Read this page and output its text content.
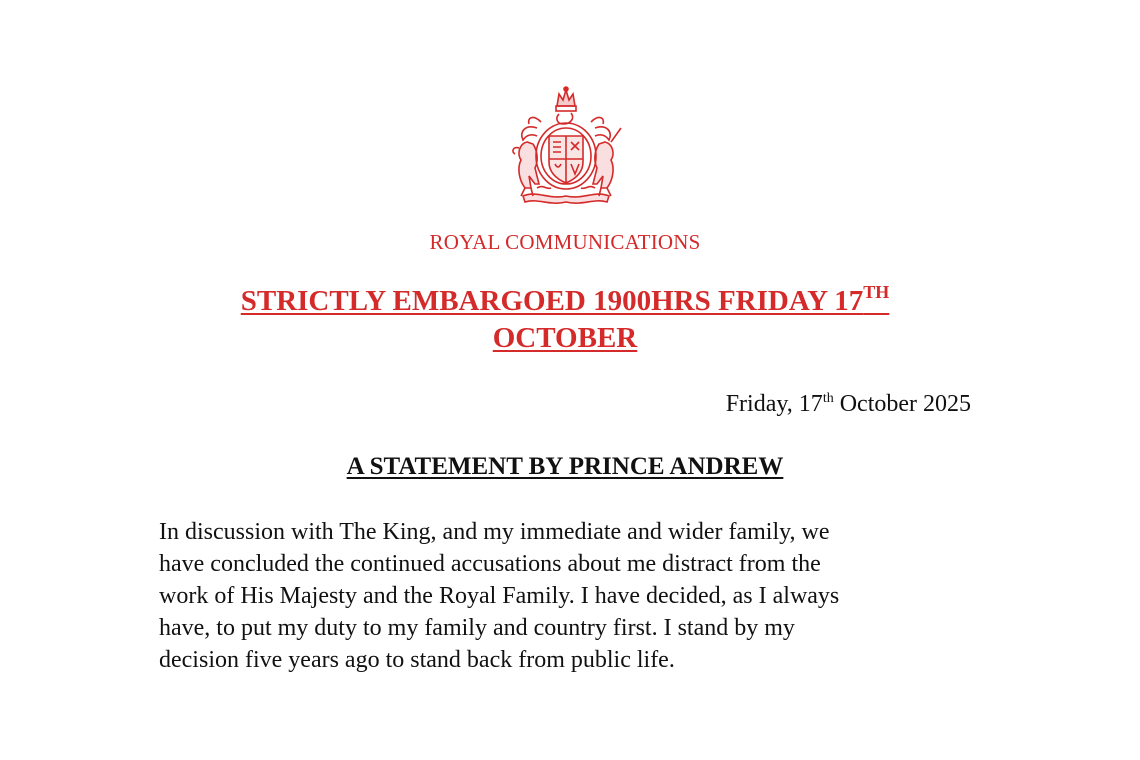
ROYAL COMMUNICATIONS
STRICTLY EMBARGOED 1900HRS FRIDAY 17TH
OCTOBER
Friday, 17th October 2025
A STATEMENT BY PRINCE ANDREW
In discussion with The King, and my immediate and wider family, we
have concluded the continued accusations about me distract from the
work of His Majesty and the Royal Family. I have decided, as I always
have, to put my duty to my family and country first. I stand by my
decision five years ago to stand back from public life.
